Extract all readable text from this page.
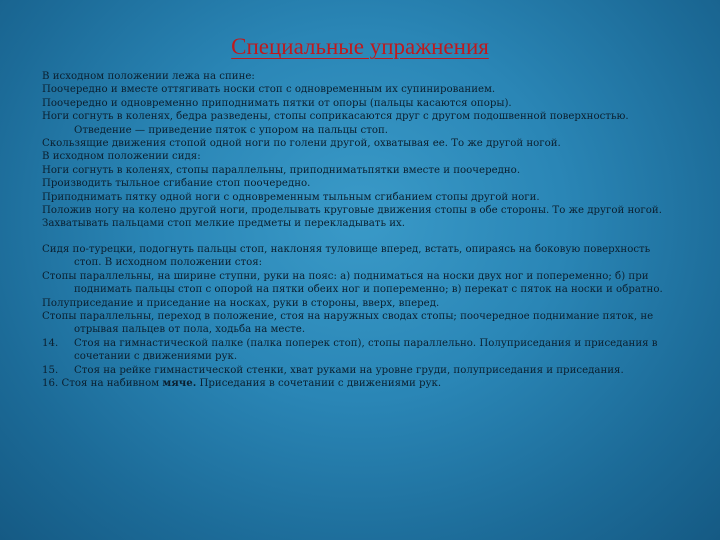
Специальные упражнения

В исходном положении лежа на спине:

Поочередно и вместе оттягивать носки стоп с одновременным их супинированием.

Поочередно и одновременно приподнимать пятки от опоры (пальцы касаются опоры).

Ноги согнуть в коленях, бедра разведены, стопы соприкасаются друг с другом подошвенной поверхностью. Отведение — приведение пяток с упором на пальцы стоп.

Скользящие движения стопой одной ноги по голени другой, охватывая ее. То же другой ногой.

В исходном положении сидя:

Ноги согнуть в коленях, стопы параллельны, приподниматьпятки вместе и поочередно.

Производить тыльное сгибание стоп поочередно.

Приподнимать пятку одной ноги с одновременным тыльным сгибанием стопы другой ноги.

Положив ногу на колено другой ноги, проделывать круговые движения стопы в обе стороны. То же другой ногой.

Захватывать пальцами стоп мелкие предметы и перекладывать их.

Сидя по-турецки, подогнуть пальцы стоп, наклоняя туловище вперед, встать, опираясь на боковую поверхность стоп. В исходном положении стоя:

Стопы параллельны, на ширине ступни, руки на пояс: а) подниматься на носки двух ног и попеременно; б) при поднимать пальцы стоп с опорой на пятки обеих ног и попеременно; в) перекат с пяток на носки и обратно.

Полуприседание и приседание на носках, руки в стороны, вверх, вперед.

Стопы параллельны, переход в положение, стоя на наружных сводах стопы; поочередное поднимание пяток, не отрывая пальцев от пола, ходьба на месте.

14. Стоя на гимнастической палке (палка поперек стоп), стопы параллельно. Полуприседания и приседания в сочетании с движениями рук.

15. Стоя на рейке гимнастической стенки, хват руками на уровне груди, полуприседания и приседания.

16. Стоя на набивном мяче. Приседания в сочетании с движениями рук.
